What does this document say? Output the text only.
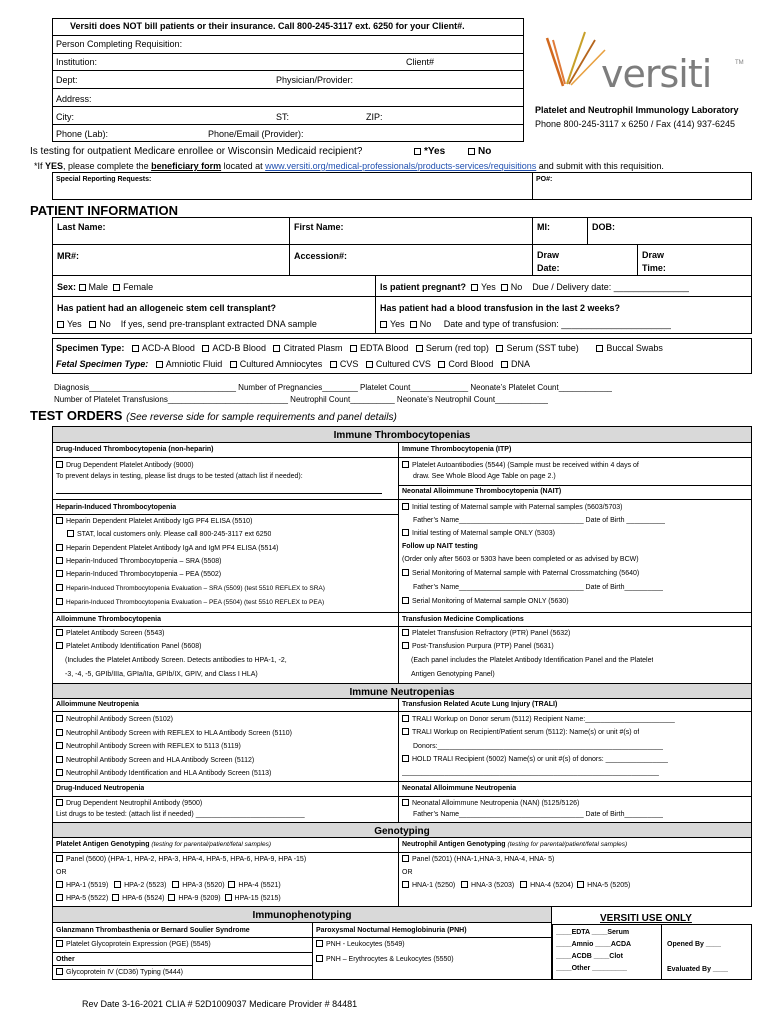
Versiti does NOT bill patients or their insurance. Call 800-245-3117 ext. 6250 for your Client#.
Person Completing Requisition:
Institution:	Client#
Dept:	Physician/Provider:
Address:
City:	ST:	ZIP:
Phone (Lab):	Phone/Email (Provider):
versiti	TM
Platelet and Neutrophil Immunology Laboratory
Phone 800-245-3117 x 6250 / Fax (414) 937-6245
Is testing for outpatient Medicare enrollee or Wisconsin Medicaid recipient?	*Yes	No
*If YES, please complete the beneficiary form located at www.versiti.org/medical-professionals/products-services/requisitions and submit with this requisition.
Special Reporting Requests:	PO#:
PATIENT INFORMATION
Last Name:	First Name:	MI:	DOB:
MR#:	Accession#:	Draw
Date:
Draw
Time:
Sex: Male Female	Is patient pregnant? Yes No Due / Delivery date: _______________
Has patient had an allogeneic stem cell transplant?
Yes No If yes, send pre-transplant extracted DNA sample
Has patient had a blood transfusion in the last 2 weeks?
Yes No Date and type of transfusion: ______________________
Specimen Type: ACD-A Blood ACD-B Blood Citrated Plasm EDTA Blood Serum (red top) Serum (SST tube)	Buccal Swabs
Fetal Specimen Type: Amniotic Fluid Cultured Amniocytes CVS Cultured CVS Cord Blood DNA
Diagnosis_________________________________ Number of Pregnancies________ Platelet Count_____________ Neonate’s Platelet Count____________
Number of Platelet Transfusions___________________________ Neutrophil Count__________ Neonate’s Neutrophil Count____________
TEST ORDERS (See reverse side for sample requirements and panel details)
Immune Thrombocytopenias
Drug-Induced Thrombocytopenia (non-heparin)
Drug Dependent Platelet Antibody (9000)
To prevent delays in testing, please list drugs to be tested (attach list if needed):
Immune Thrombocytopenia (ITP)
Platelet Autoantibodies (5544) (Sample must be received within 4 days of
draw. See Whole Blood Age Table on page 2.)
Neonatal Alloimmune Thrombocytopenia (NAIT)
Heparin-Induced Thrombocytopenia
Heparin Dependent Platelet Antibody IgG PF4 ELISA (5510)
STAT, local customers only. Please call 800-245-3117 ext 6250
Heparin Dependent Platelet Antibody IgA and IgM PF4 ELISA (5514)
Heparin-Induced Thrombocytopenia – SRA (5508)
Heparin-Induced Thrombocytopenia – PEA (5502)
Heparin-Induced Thrombocytopenia Evaluation – SRA (5509) (test 5510 REFLEX to SRA)
Heparin-Induced Thrombocytopenia Evaluation – PEA (5504) (test 5510 REFLEX to PEA)
Initial testing of Maternal sample with Paternal samples (5603/5703)
Father’s Name________________________________ Date of Birth __________
Initial testing of Maternal sample ONLY (5303)
Follow up NAIT testing
(Order only after 5603 or 5303 have been completed or as advised by BCW)
Serial Monitoring of Maternal sample with Paternal Crossmatching (5640)
Father’s Name________________________________ Date of Birth__________
Serial Monitoring of Maternal sample ONLY (5630)
Alloimmune Thrombocytopenia
Platelet Antibody Screen (5543)
Platelet Antibody Identification Panel (5608)
(Includes the Platelet Antibody Screen. Detects antibodies to HPA-1, -2,
-3, -4, -5, GPIb/IIIa, GPIa/IIa, GPIb/IX, GPIV, and Class I HLA)
Transfusion Medicine Complications
Platelet Transfusion Refractory (PTR) Panel (5632)
Post-Transfusion Purpura (PTP) Panel (5631)
(Each panel includes the Platelet Antibody Identification Panel and the Platelet
Antigen Genotyping Panel)
Immune Neutropenias
Alloimmune Neutropenia
Neutrophil Antibody Screen (5102)
Neutrophil Antibody Screen with REFLEX to HLA Antibody Screen (5110)
Neutrophil Antibody Screen with REFLEX to 5113 (5119)
Neutrophil Antibody Screen and HLA Antibody Screen (5112)
Neutrophil Antibody Identification and HLA Antibody Screen (5113)
Transfusion Related Acute Lung Injury (TRALI)
TRALI Workup on Donor serum (5112) Recipient Name:_______________________
TRALI Workup on Recipient/Patient serum (5112): Name(s) or unit #(s) of
Donors:__________________________________________________________
HOLD TRALI Recipient (5002) Name(s) or unit #(s) of donors: ________________
__________________________________________________________________
Drug-Induced Neutropenia
Drug Dependent Neutrophil Antibody (9500)
List drugs to be tested: (attach list if needed) ____________________________
Neonatal Alloimmune Neutropenia
Neonatal Alloimmune Neutropenia (NAN) (5125/5126)
Father’s Name________________________________ Date of Birth__________
Genotyping
Platelet Antigen Genotyping (testing for parental/patient/fetal samples)
Panel (5600) (HPA-1, HPA-2, HPA-3, HPA-4, HPA-5, HPA-6, HPA-9, HPA -15)
OR
HPA-1 (5519) HPA-2 (5523) HPA-3 (5520) HPA-4 (5521)
HPA-5 (5522) HPA-6 (5524) HPA-9 (5209) HPA-15 (5215)
Neutrophil Antigen Genotyping (testing for parental/patient/fetal samples)
Panel (5201) (HNA-1,HNA-3, HNA-4, HNA- 5)
OR
HNA-1 (5250) HNA-3 (5203) HNA-4 (5204) HNA-5 (5205)
Immunophenotyping
Glanzmann Thrombasthenia or Bernard Soulier Syndrome
Platelet Glycoprotein Expression (PGE) (5545)
Other
Glycoprotein IV (CD36) Typing (5444)
Paroxysmal Nocturnal Hemoglobinuria (PNH)
PNH - Leukocytes (5549)
PNH – Erythrocytes & Leukocytes (5550)
VERSITI USE ONLY
____EDTA ____Serum
____Amnio ____ACDA
____ACDB ____Clot
____Other _________
Opened By ____
Evaluated By ____
Rev Date 3-16-2021 CLIA # 52D1009037 Medicare Provider # 84481
